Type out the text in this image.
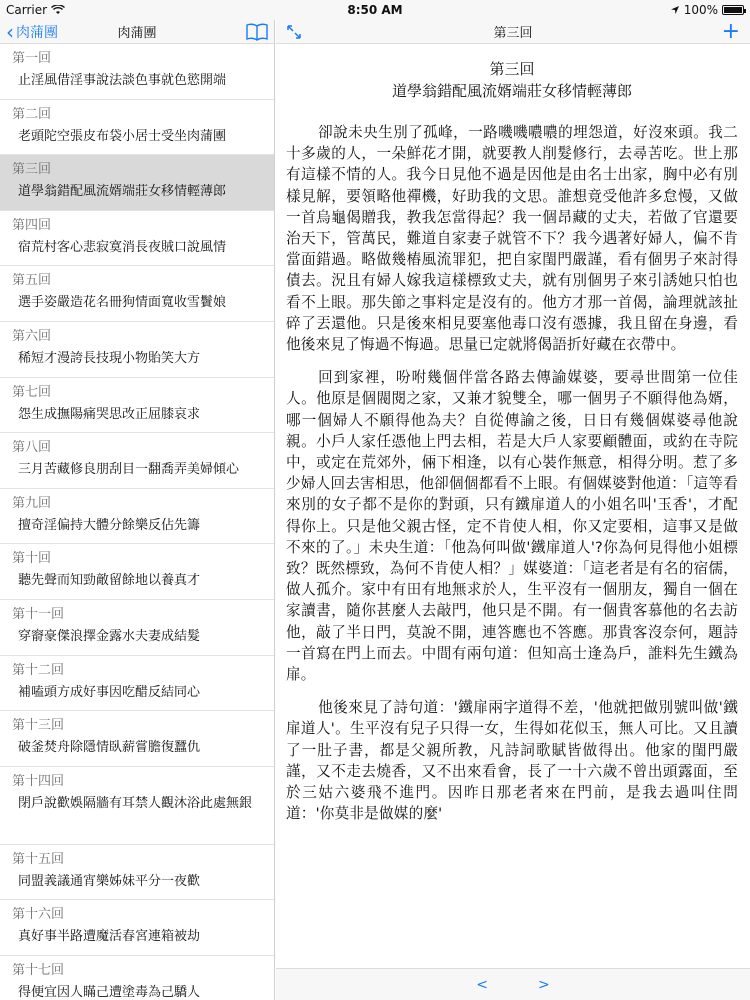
Carrier	8:50 AM	100%
‹ 肉蒲團	肉蒲團
第一回
止淫風借淫事說法談色事就色慾開端
第二回
老頭陀空張皮布袋小居士受坐肉蒲團
第三回
道學翁錯配風流婿端莊女移情輕薄郎
第四回
宿荒村客心悲寂寞消長夜賊口說風情
第五回
選手姿嚴造花名冊狗情面寬收雪鬢娘
第六回
稀短才漫誇長技現小物貽笑大方
第七回
怨生成撫陽痛哭思改正屈膝哀求
第八回
三月苦藏修良朋刮目一翻喬弄美婦傾心
第九回
擅奇淫偏持大體分餘樂反佔先籌
第十回
聽先聲而知勁敵留餘地以養真才
第十一回
穿窬豪傑浪擇金露水夫妻成結髮
第十二回
補嗑頭方成好事因吃醋反結同心
第十三回
破釜焚舟除隱情臥薪嘗膽復蠶仇
第十四回
閉戶說歡娛隔牆有耳禁人觀沐浴此處無銀
第十五回
同盟義議通宵樂姊妹平分一夜歡
第十六回
真好事半路遭魔活春宮連箱被劫
第十七回
得便宜因人瞞己遭塗毒為己驕人
第三回	+
第三回
道學翁錯配風流婿端莊女移情輕薄郎

卻說未央生別了孤峰，一路嘰嘰噥噥的埋怨道，好沒來頭。我二十多歲的人，一朵鮮花才開，就要教人削髮修行，去尋苦吃。世上那有這樣不情的人。我今日見他不過是因他是由名士出家，胸中必有別樣見解，要領略他禪機，好助我的文思。誰想竟受他許多怠慢，又做一首烏龜偈贈我，教我怎當得起？我一個昂藏的丈夫，若做了官還要治天下，管萬民，難道自家妻子就管不下？我今遇著好婦人，偏不肯當面錯過。略做幾樁風流罪犯，把自家閨門嚴謹，看有個男子來討得債去。況且有婦人嫁我這樣標致丈夫，就有別個男子來引誘她只怕也看不上眼。那失節之事料定是沒有的。他方才那一首偈，論理就該扯碎了丟還他。只是後來相見要塞他毒口沒有憑據，我且留在身邊，看他後來見了悔過不悔過。思量已定就將偈語折好藏在衣帶中。

回到家裡，吩咐幾個伴當各路去傳諭媒婆，要尋世間第一位佳人。他原是個閥閱之家，又兼才貌雙全，哪一個男子不願得他為婿，哪一個婦人不願得他為夫？自從傳諭之後，日日有幾個媒婆尋他說親。小戶人家任憑他上門去相，若是大戶人家要顧體面，或約在寺院中，或定在荒郊外，倆下相逢，以有心裝作無意，相得分明。惹了多少婦人回去害相思，他卻個個都看不上眼。有個媒婆對他道：「這等看來別的女子都不是你的對頭，只有鐵扉道人的小姐名叫'玉香'，才配得你上。只是他父親古怪，定不肯使人相，你又定要相，這事又是做不來的了。」未央生道：「他為何叫做'鐵扉道人'?你為何見得他小姐標致？既然標致，為何不肯使人相？」媒婆道：「這老者是有名的宿儒，做人孤介。家中有田有地無求於人，生平沒有一個朋友，獨自一個在家讀書，隨你甚麼人去敲門，他只是不開。有一個貴客慕他的名去訪他，敲了半日門，莫說不開，連答應也不答應。那貴客沒奈何，題詩一首寫在門上而去。中間有兩句道：但知高士逢為戶，誰料先生鐵為扉。

他後來見了詩句道：'鐵扉兩字道得不差，'他就把做別號叫做'鐵扉道人'。生平沒有兒子只得一女，生得如花似玉，無人可比。又且讀了一肚子書，都是父親所教，凡詩詞歌賦皆做得出。他家的閨門嚴謹，又不走去燒香，又不出來看會，長了一十六歲不曾出頭露面，至於三姑六婆飛不進門。因昨日那老者來在門前，是我去過叫住問道：'你莫非是做媒的麼'

<	>
